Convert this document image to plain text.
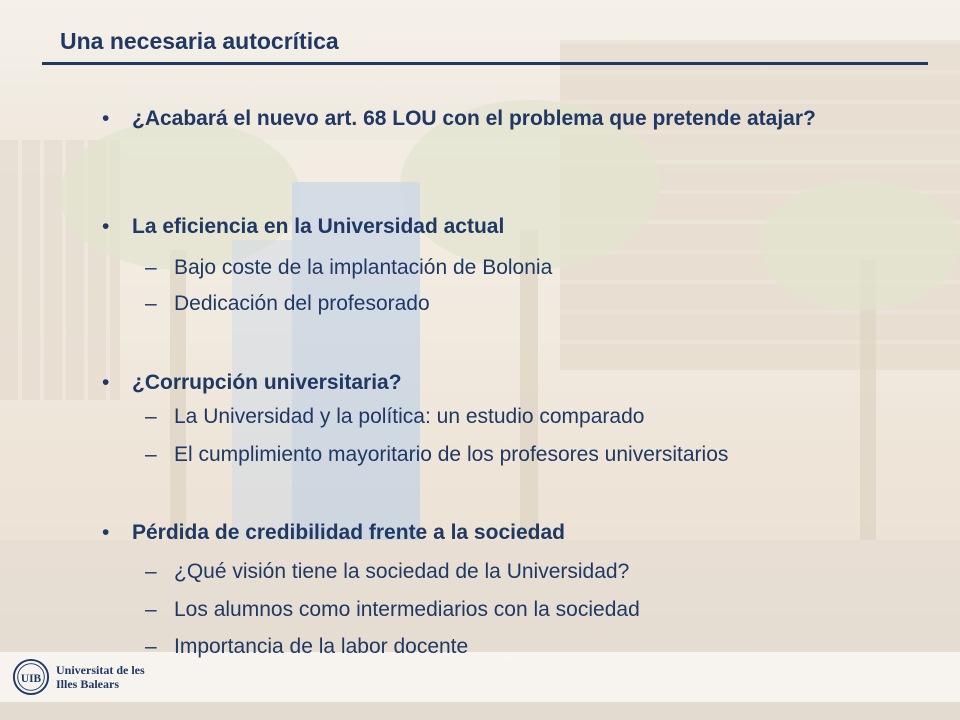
Una necesaria autocrítica
• ¿Acabará el nuevo art. 68 LOU con el problema que pretende atajar?
• La eficiencia en la Universidad actual
– Bajo coste de la implantación de Bolonia
– Dedicación del profesorado
• ¿Corrupción universitaria?
– La Universidad y la política: un estudio comparado
– El cumplimiento mayoritario de los profesores universitarios
• Pérdida de credibilidad frente a la sociedad
– ¿Qué visión tiene la sociedad de la Universidad?
– Los alumnos como intermediarios con la sociedad
– Importancia de la labor docente
UIB
Universitat de les
Illes Balears
